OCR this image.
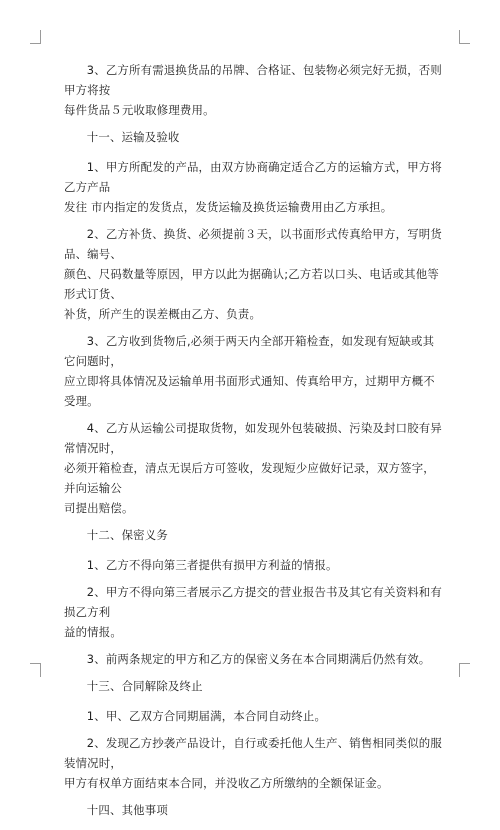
3、乙方所有需退换货品的吊牌、合格证、包装物必须完好无损，否则甲方将按
每件货品５元收取修理费用。
十一、运输及验收
1、甲方所配发的产品，由双方协商确定适合乙方的运输方式，甲方将乙方产品
发往 市内指定的发货点，发货运输及换货运输费用由乙方承担。
2、乙方补货、换货、必须提前３天，以书面形式传真给甲方，写明货品、编号、
颜色、尺码数量等原因，甲方以此为据确认;乙方若以口头、电话或其他等形式订货、
补货，所产生的误差概由乙方、负责。
3、乙方收到货物后,必须于两天内全部开箱检查，如发现有短缺或其它问题时，
应立即将具体情况及运输单用书面形式通知、传真给甲方，过期甲方概不受理。
4、乙方从运输公司提取货物，如发现外包装破损、污染及封口胶有异常情况时，
必须开箱检查，清点无误后方可签收，发现短少应做好记录，双方签字，并向运输公
司提出赔偿。
十二、保密义务
1、乙方不得向第三者提供有损甲方利益的情报。
2、甲方不得向第三者展示乙方提交的营业报告书及其它有关资料和有损乙方利
益的情报。
3、前两条规定的甲方和乙方的保密义务在本合同期满后仍然有效。
十三、合同解除及终止
1、甲、乙双方合同期届满，本合同自动终止。
2、发现乙方抄袭产品设计，自行或委托他人生产、销售相同类似的服装情况时，
甲方有权单方面结束本合同，并没收乙方所缴纳的全额保证金。
十四、其他事项
